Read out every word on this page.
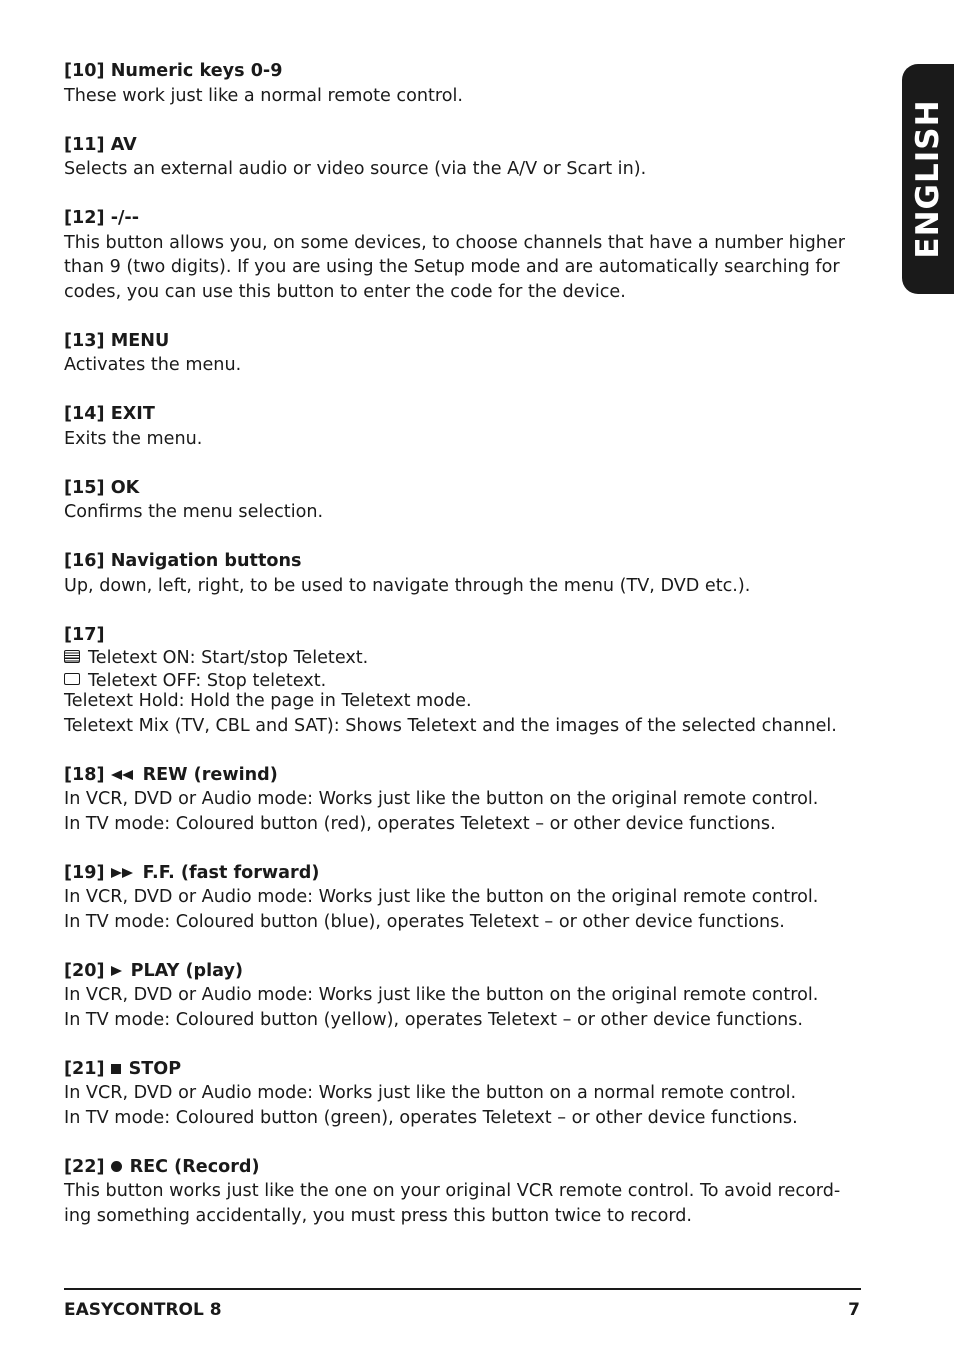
ENGLISH
[10] Numeric keys 0-9
These work just like a normal remote control.
[11] AV
Selects an external audio or video source (via the A/V or Scart in).
[12] -/--
This button allows you, on some devices, to choose channels that have a number higher
than 9 (two digits). If you are using the Setup mode and are automatically searching for
codes, you can use this button to enter the code for the device.
[13] MENU
Activates the menu.
[14] EXIT
Exits the menu.
[15] OK
Confirms the menu selection.
[16] Navigation buttons
Up, down, left, right, to be used to navigate through the menu (TV, DVD etc.).
[17]
Teletext ON: Start/stop Teletext.
Teletext OFF: Stop teletext.
Teletext Hold: Hold the page in Teletext mode.
Teletext Mix (TV, CBL and SAT): Shows Teletext and the images of the selected channel.
[18] REW (rewind)
In VCR, DVD or Audio mode: Works just like the button on the original remote control.
In TV mode: Coloured button (red), operates Teletext – or other device functions.
[19] F.F. (fast forward)
In VCR, DVD or Audio mode: Works just like the button on the original remote control.
In TV mode: Coloured button (blue), operates Teletext – or other device functions.
[20] PLAY (play)
In VCR, DVD or Audio mode: Works just like the button on the original remote control.
In TV mode: Coloured button (yellow), operates Teletext – or other device functions.
[21] STOP
In VCR, DVD or Audio mode: Works just like the button on a normal remote control.
In TV mode: Coloured button (green), operates Teletext – or other device functions.
[22] REC (Record)
This button works just like the one on your original VCR remote control. To avoid record-
ing something accidentally, you must press this button twice to record.
EASYCONTROL 8	7
